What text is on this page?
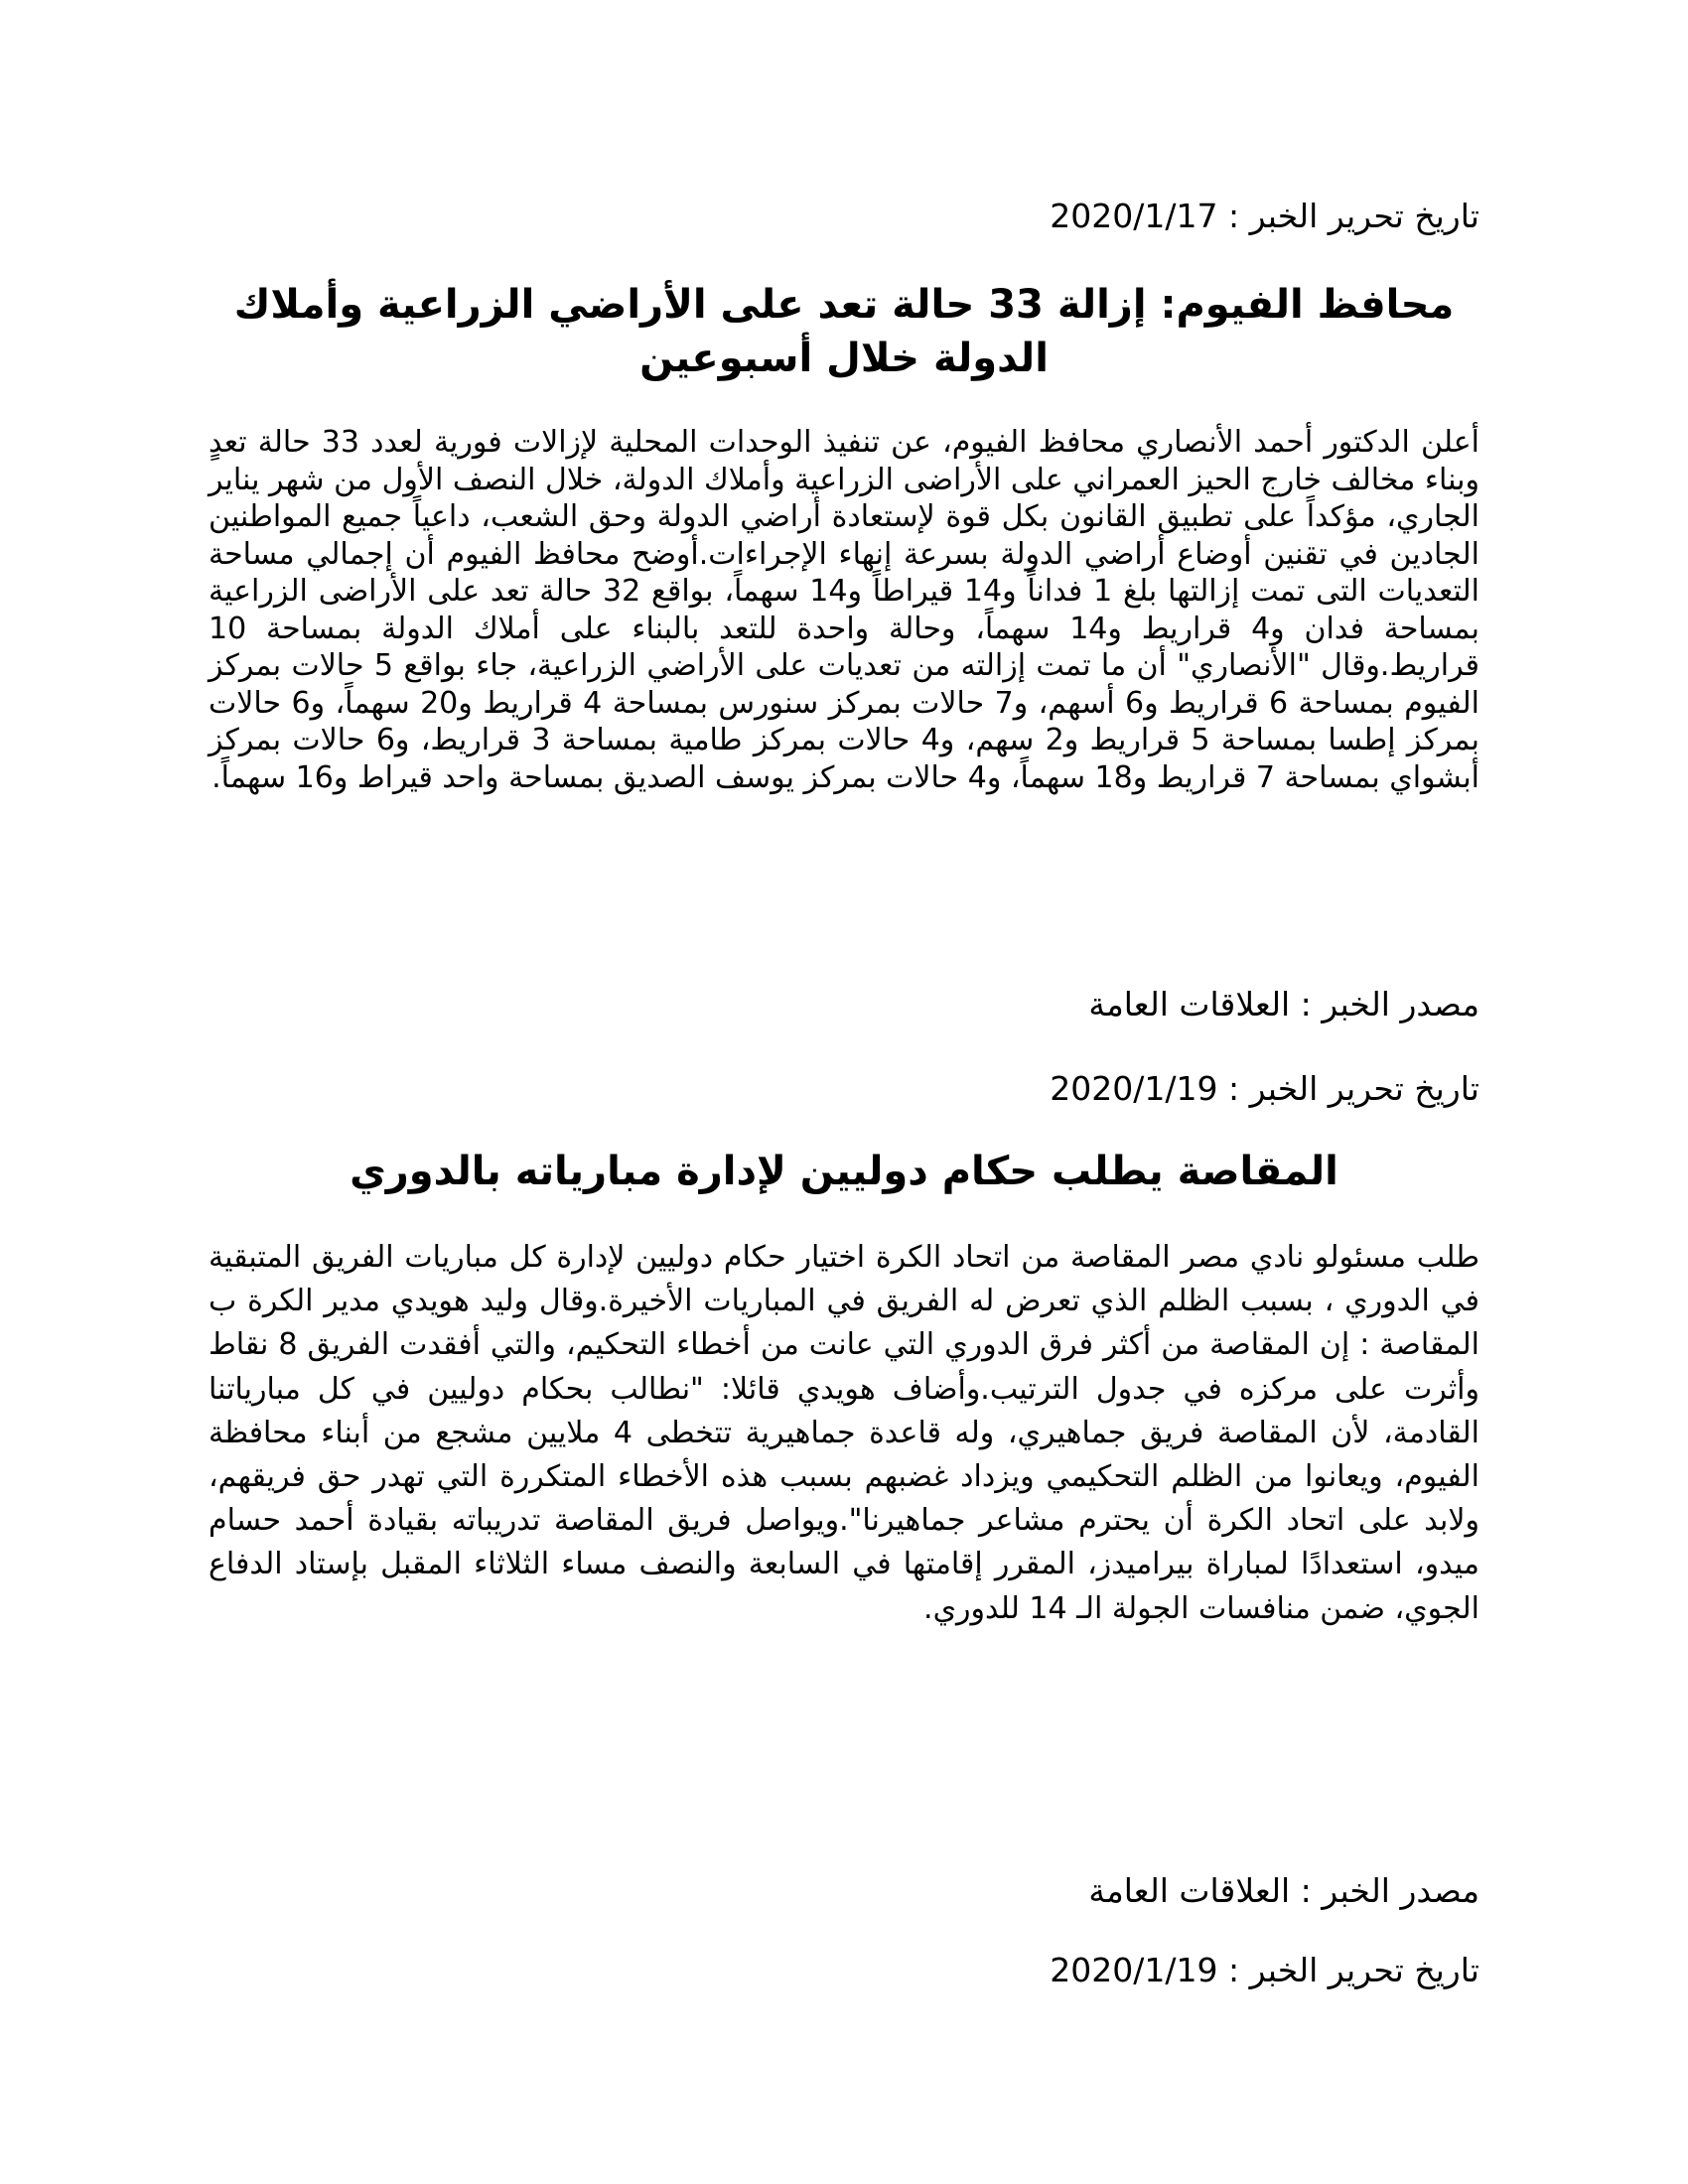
تاريخ تحرير الخبر : 2020/1/17
محافظ الفيوم: إزالة 33 حالة تعد على الأراضي الزراعية وأملاك الدولة خلال أسبوعين
أعلن الدكتور أحمد الأنصاري محافظ الفيوم، عن تنفيذ الوحدات المحلية لإزالات فورية لعدد 33 حالة تعدٍ وبناء مخالف خارج الحيز العمراني على الأراضى الزراعية وأملاك الدولة، خلال النصف الأول من شهر يناير الجاري، مؤكداً على تطبيق القانون بكل قوة لإستعادة أراضي الدولة وحق الشعب، داعياً جميع المواطنين الجادين في تقنين أوضاع أراضي الدولة بسرعة إنهاء الإجراءات.أوضح محافظ الفيوم أن إجمالي مساحة التعديات التى تمت إزالتها بلغ 1 فداناً و14 قيراطاً و14 سهماً، بواقع 32 حالة تعد على الأراضى الزراعية بمساحة فدان و4 قراريط و14 سهماً، وحالة واحدة للتعد بالبناء على أملاك الدولة بمساحة 10 قراريط.وقال "الأنصاري" أن ما تمت إزالته من تعديات على الأراضي الزراعية، جاء بواقع 5 حالات بمركز الفيوم بمساحة 6 قراريط و6 أسهم، و7 حالات بمركز سنورس بمساحة 4 قراريط و20 سهماً، و6 حالات بمركز إطسا بمساحة 5 قراريط و2 سهم، و4 حالات بمركز طامية بمساحة 3 قراريط، و6 حالات بمركز أبشواي بمساحة 7 قراريط و18 سهماً، و4 حالات بمركز يوسف الصديق بمساحة واحد قيراط و16 سهماً.
مصدر الخبر : العلاقات العامة
تاريخ تحرير الخبر : 2020/1/19
المقاصة يطلب حكام دوليين لإدارة مبارياته بالدوري
طلب مسئولو نادي مصر المقاصة من اتحاد الكرة اختيار حكام دوليين لإدارة كل مباريات الفريق المتبقية في الدوري ، بسبب الظلم الذي تعرض له الفريق في المباريات الأخيرة.وقال وليد هويدي مدير الكرة ب المقاصة : إن المقاصة من أكثر فرق الدوري التي عانت من أخطاء التحكيم، والتي أفقدت الفريق 8 نقاط وأثرت على مركزه في جدول الترتيب.وأضاف هويدي قائلا: "نطالب بحكام دوليين في كل مبارياتنا القادمة، لأن المقاصة فريق جماهيري، وله قاعدة جماهيرية تتخطى 4 ملايين مشجع من أبناء محافظة الفيوم، ويعانوا من الظلم التحكيمي ويزداد غضبهم بسبب هذه الأخطاء المتكررة التي تهدر حق فريقهم، ولابد على اتحاد الكرة أن يحترم مشاعر جماهيرنا".ويواصل فريق المقاصة تدريباته بقيادة أحمد حسام ميدو، استعدادًا لمباراة بيراميدز، المقرر إقامتها في السابعة والنصف مساء الثلاثاء المقبل بإستاد الدفاع الجوي، ضمن منافسات الجولة الـ 14 للدوري.
مصدر الخبر : العلاقات العامة
تاريخ تحرير الخبر : 2020/1/19
